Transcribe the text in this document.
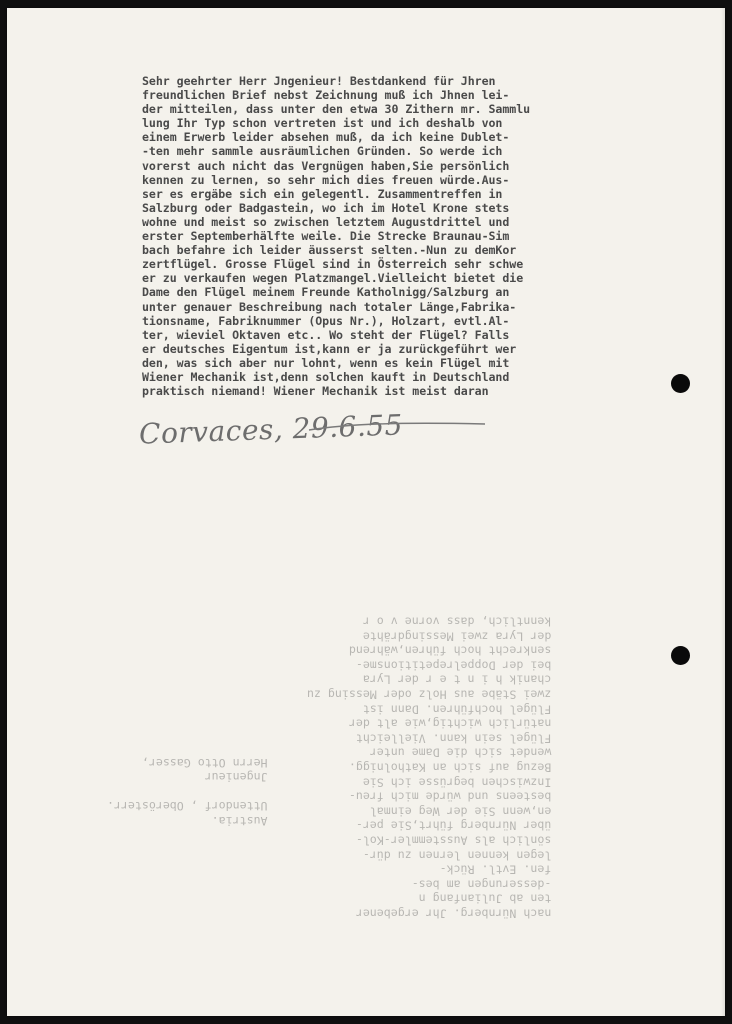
nach Nürnberg. Jhr ergebener
ten ab Julianfang n
-desserungen am bes-
fen. Evtl. Rück-
legen kennen lernen zu dür-
sönlich als Ausstemmler-Kol-
über Nürnberg führt,Sie per-
en,wenn Sie der Weg einmal
besteens und würde mich freu-
Inzwischen begrüsse ich Sie
Bezug auf sich an Katholnigg.
wendet sich die Dame unter
Flügel sein kann. Vielleicht
natürlich wichtig,wie alt der
Flügel hochführen. Dann ist
zwei Stäbe aus Holz oder Messing zu
chanik h i n t e r der Lyra
bei der Doppelrepetitionsme-
senkrecht hoch führen,während
der Lyra zwei Messingdrähte
kenntlich, dass vorne v o r
Austria.
Uttendorf , Oberösterr.
Jngenieur
Herrn Otto Gasser,
Sehr geehrter Herr Jngenieur! Bestdankend für Jhren
freundlichen Brief nebst Zeichnung muß ich Jhnen lei-
der mitteilen, dass unter den etwa 30 Zithern mr. Sammlu
lung Ihr Typ schon vertreten ist und ich deshalb von
einem Erwerb leider absehen muß, da ich keine Dublet-
-ten mehr sammle ausräumlichen Gründen. So werde ich
vorerst auch nicht das Vergnügen haben,Sie persönlich
kennen zu lernen, so sehr mich dies freuen würde.Aus-
ser es ergäbe sich ein gelegentl. Zusammentreffen in
Salzburg oder Badgastein, wo ich im Hotel Krone stets
wohne und meist so zwischen letztem Augustdrittel und
erster Septemberhälfte weile. Die Strecke Braunau-Sim
bach befahre ich leider äusserst selten.-Nun zu demKor
zertflügel. Grosse Flügel sind in Österreich sehr schwe
er zu verkaufen wegen Platzmangel.Vielleicht bietet die
Dame den Flügel meinem Freunde Katholnigg/Salzburg an
unter genauer Beschreibung nach totaler Länge,Fabrika-
tionsname, Fabriknummer (Opus Nr.), Holzart, evtl.Al-
ter, wieviel Oktaven etc.. Wo steht der Flügel? Falls
er deutsches Eigentum ist,kann er ja zurückgeführt wer
den, was sich aber nur lohnt, wenn es kein Flügel mit
Wiener Mechanik ist,denn solchen kauft in Deutschland
praktisch niemand! Wiener Mechanik ist meist daran
Corvaces, 29.6.55
